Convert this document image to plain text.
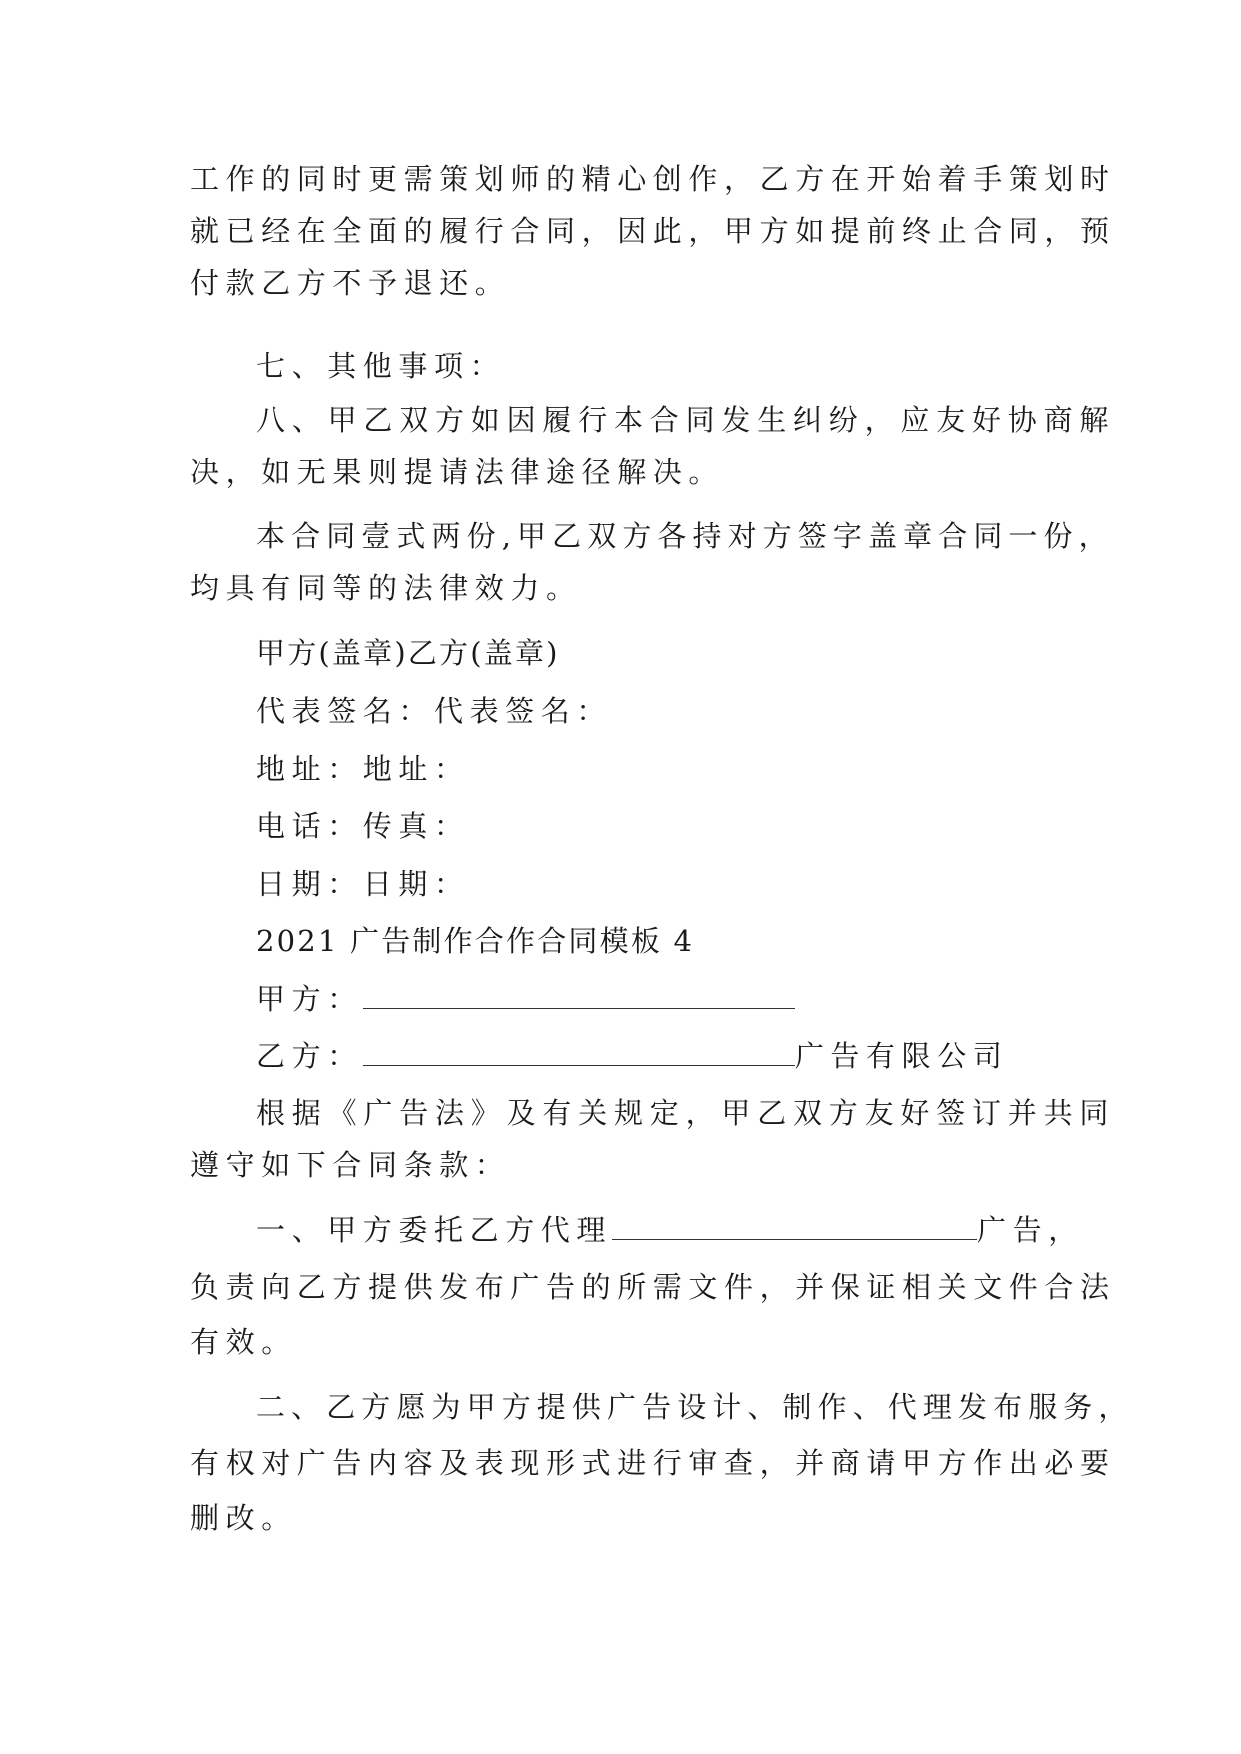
工作的同时更需策划师的精心创作，乙方在开始着手策划时
就已经在全面的履行合同，因此，甲方如提前终止合同，预
付款乙方不予退还。
七、其他事项：
八、甲乙双方如因履行本合同发生纠纷，应友好协商解
决，如无果则提请法律途径解决。
本合同壹式两份,甲乙双方各持对方签字盖章合同一份，
均具有同等的法律效力。
甲方(盖章)乙方(盖章)
代表签名：代表签名：
地址：地址：
电话：传真：
日期：日期：
2021 广告制作合作合同模板 4
甲方：
乙方：	广告有限公司
根据《广告法》及有关规定，甲乙双方友好签订并共同
遵守如下合同条款：
一、甲方委托乙方代理	广告，
负责向乙方提供发布广告的所需文件，并保证相关文件合法
有效。
二、乙方愿为甲方提供广告设计、制作、代理发布服务，
有权对广告内容及表现形式进行审查，并商请甲方作出必要
删改。
